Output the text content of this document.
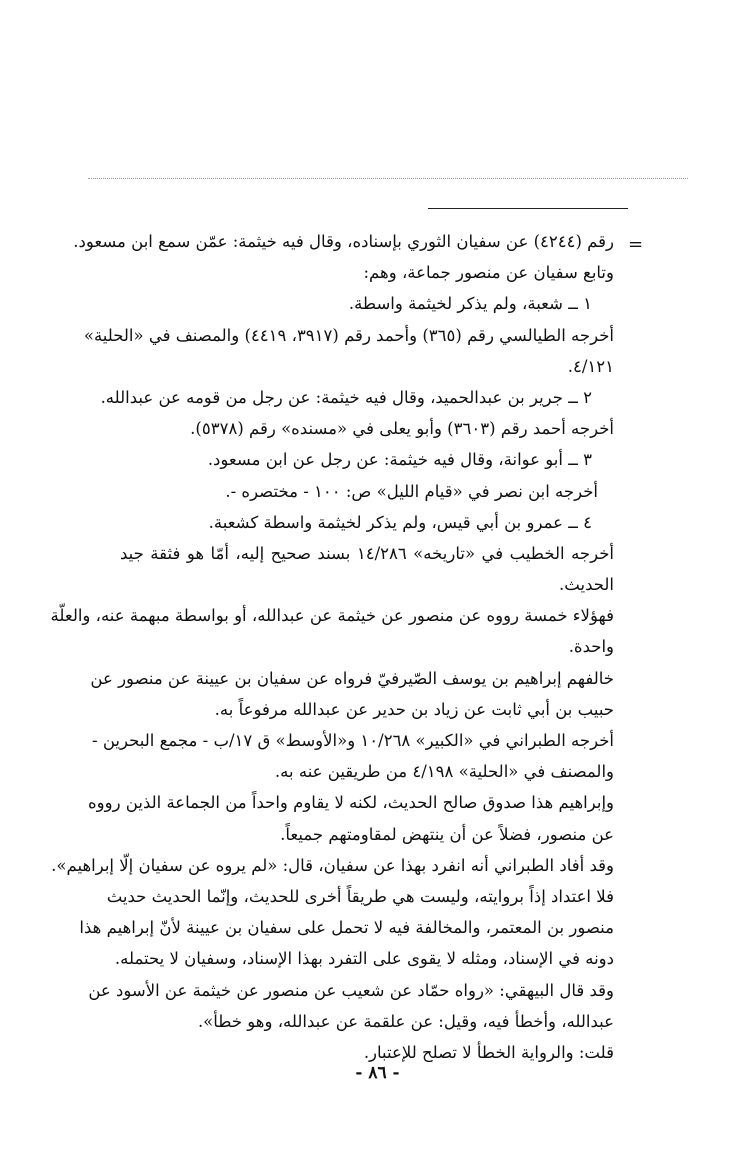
=
رقم (٤٢٤٤) عن سفيان الثوري بإسناده، وقال فيه خيثمة: عمّن سمع ابن مسعود.
وتابع سفيان عن منصور جماعة، وهم:
١ ــ شعبة، ولم يذكر لخيثمة واسطة.
أخرجه الطيالسي رقم (٣٦٥) وأحمد رقم (٣٩١٧، ٤٤١٩) والمصنف في «الحلية»
٤/١٢١.
٢ ــ جرير بن عبدالحميد، وقال فيه خيثمة: عن رجل من قومه عن عبدالله.
أخرجه أحمد رقم (٣٦٠٣) وأبو يعلى في «مسنده» رقم (٥٣٧٨).
٣ ــ أبو عوانة، وقال فيه خيثمة: عن رجل عن ابن مسعود.
أخرجه ابن نصر في «قيام الليل» ص: ١٠٠ - مختصره -.
٤ ــ عمرو بن أبي قيس، ولم يذكر لخيثمة واسطة كشعبة.
أخرجه الخطيب في «تاريخه» ١٤/٢٨٦ بسند صحيح إليه، أمّا هو فثقة جيد
الحديث.
فهؤلاء خمسة رووه عن منصور عن خيثمة عن عبدالله، أو بواسطة مبهمة عنه، والعلّة
واحدة.
خالفهم إبراهيم بن يوسف الصّيرفيّ فرواه عن سفيان بن عيينة عن منصور عن
حبيب بن أبي ثابت عن زياد بن حدير عن عبدالله مرفوعاً به.
أخرجه الطبراني في «الكبير» ١٠/٢٦٨ و«الأوسط» ق ١٧/ب - مجمع البحرين -
والمصنف في «الحلية» ٤/١٩٨ من طريقين عنه به.
وإبراهيم هذا صدوق صالح الحديث، لكنه لا يقاوم واحداً من الجماعة الذين رووه
عن منصور، فضلاً عن أن ينتهض لمقاومتهم جميعاً.
وقد أفاد الطبراني أنه انفرد بهذا عن سفيان، قال: «لم يروه عن سفيان إلّا إبراهيم».
فلا اعتداد إذاً بروايته، وليست هي طريقاً أخرى للحديث، وإنّما الحديث حديث
منصور بن المعتمر، والمخالفة فيه لا تحمل على سفيان بن عيينة لأنّ إبراهيم هذا
دونه في الإسناد، ومثله لا يقوى على التفرد بهذا الإسناد، وسفيان لا يحتمله.
وقد قال البيهقي: «رواه حمّاد عن شعيب عن منصور عن خيثمة عن الأسود عن
عبدالله، وأخطأ فيه، وقيل: عن علقمة عن عبدالله، وهو خطأ».
قلت: والرواية الخطأ لا تصلح للإعتبار.
- ٨٦ -
